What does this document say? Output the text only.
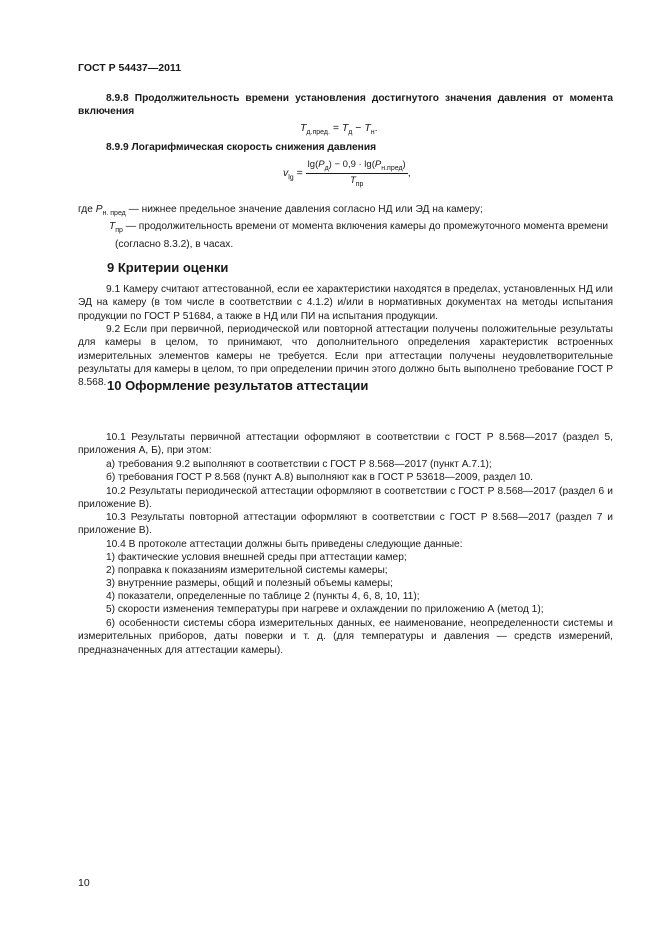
ГОСТ Р 54437—2011

8.9.8 Продолжительность времени установления достигнутого значения давления от момента включения

$T_{д.пред.} = T_д - T_н$.

8.9.9 Логарифмическая скорость снижения давления

$v_{lg} = \frac{\lg(P_д) - 0,9 \cdot \lg(P_{н.пред})}{T_{пр}}$ ,
где $P_{н. пред}$ — нижнее предельное значение давления согласно НД или ЭД на камеру;
$T_{пр}$ — продолжительность времени от момента включения камеры до промежуточного момента времени (согласно 8.3.2), в часах.
9 Критерии оценки

9.1 Камеру считают аттестованной, если ее характеристики находятся в пределах, установленных НД или ЭД на камеру (в том числе в соответствии с 4.1.2) и/или в нормативных документах на методы испытания продукции по ГОСТ Р 51684, а также в НД или ПИ на испытания продукции.

9.2 Если при первичной, периодической или повторной аттестации получены положительные результаты для камеры в целом, то принимают, что дополнительного определения характеристик встроенных измерительных элементов камеры не требуется. Если при аттестации получены неудовлетворительные результаты для камеры в целом, то при определении причин этого должно быть выполнено требование ГОСТ Р 8.568. 10 Оформление результатов аттестации

10.1 Результаты первичной аттестации оформляют в соответствии с ГОСТ Р 8.568—2017 (раздел 5, приложения А, Б), при этом:

а) требования 9.2 выполняют в соответствии с ГОСТ Р 8.568—2017 (пункт А.7.1);

б) требования ГОСТ Р 8.568 (пункт А.8) выполняют как в ГОСТ Р 53618—2009, раздел 10.

10.2 Результаты периодической аттестации оформляют в соответствии с ГОСТ Р 8.568—2017 (раздел 6 и приложение В).

10.3 Результаты повторной аттестации оформляют в соответствии с ГОСТ Р 8.568—2017 (раздел 7 и приложение В).

10.4 В протоколе аттестации должны быть приведены следующие данные:

1) фактические условия внешней среды при аттестации камер;

2) поправка к показаниям измерительной системы камеры;

3) внутренние размеры, общий и полезный объемы камеры;

4) показатели, определенные по таблице 2 (пункты 4, 6, 8, 10, 11);

5) скорости изменения температуры при нагреве и охлаждении по приложению А (метод 1);

6) особенности системы сбора измерительных данных, ее наименование, неопределенности системы и измерительных приборов, даты поверки и т. д. (для температуры и давления — средств измерений, предназначенных для аттестации камеры).

10
